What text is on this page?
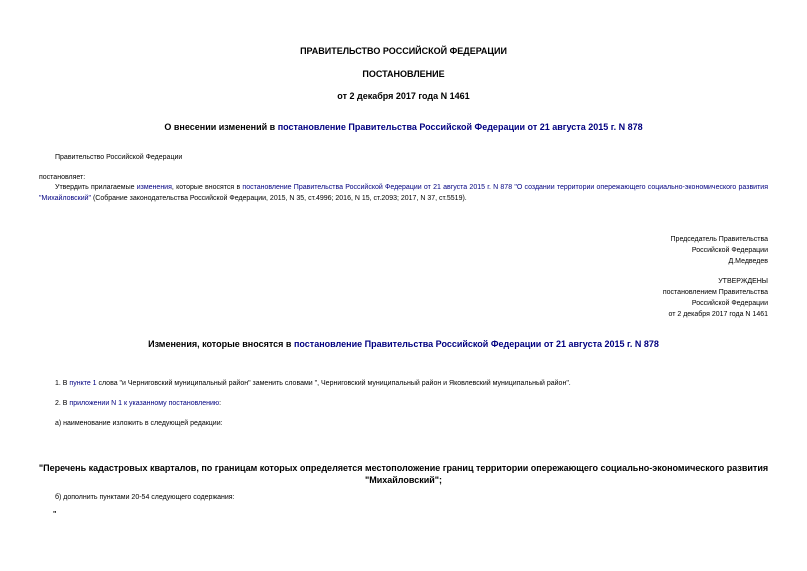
ПРАВИТЕЛЬСТВО РОССИЙСКОЙ ФЕДЕРАЦИИ
ПОСТАНОВЛЕНИЕ
от 2 декабря 2017 года N 1461
О внесении изменений в постановление Правительства Российской Федерации от 21 августа 2015 г. N 878
Правительство Российской Федерации
постановляет:
Утвердить прилагаемые изменения, которые вносятся в постановление Правительства Российской Федерации от 21 августа 2015 г. N 878 "О создании территории опережающего социально-экономического развития "Михайловский" (Собрание законодательства Российской Федерации, 2015, N 35, ст.4996; 2016, N 15, ст.2093; 2017, N 37, ст.5519).
Председатель Правительства
Российской Федерации
Д.Медведев
УТВЕРЖДЕНЫ
постановлением Правительства
Российской Федерации
от 2 декабря 2017 года N 1461
Изменения, которые вносятся в постановление Правительства Российской Федерации от 21 августа 2015 г. N 878
1. В пункте 1 слова "и Черниговский муниципальный район" заменить словами ", Черниговский муниципальный район и Яковлевский муниципальный район".
2. В приложении N 1 к указанному постановлению:
а) наименование изложить в следующей редакции:
"Перечень кадастровых кварталов, по границам которых определяется местоположение границ территории опережающего социально-экономического развития
"Михайловский";
б) дополнить пунктами 20-54 следующего содержания:
"
